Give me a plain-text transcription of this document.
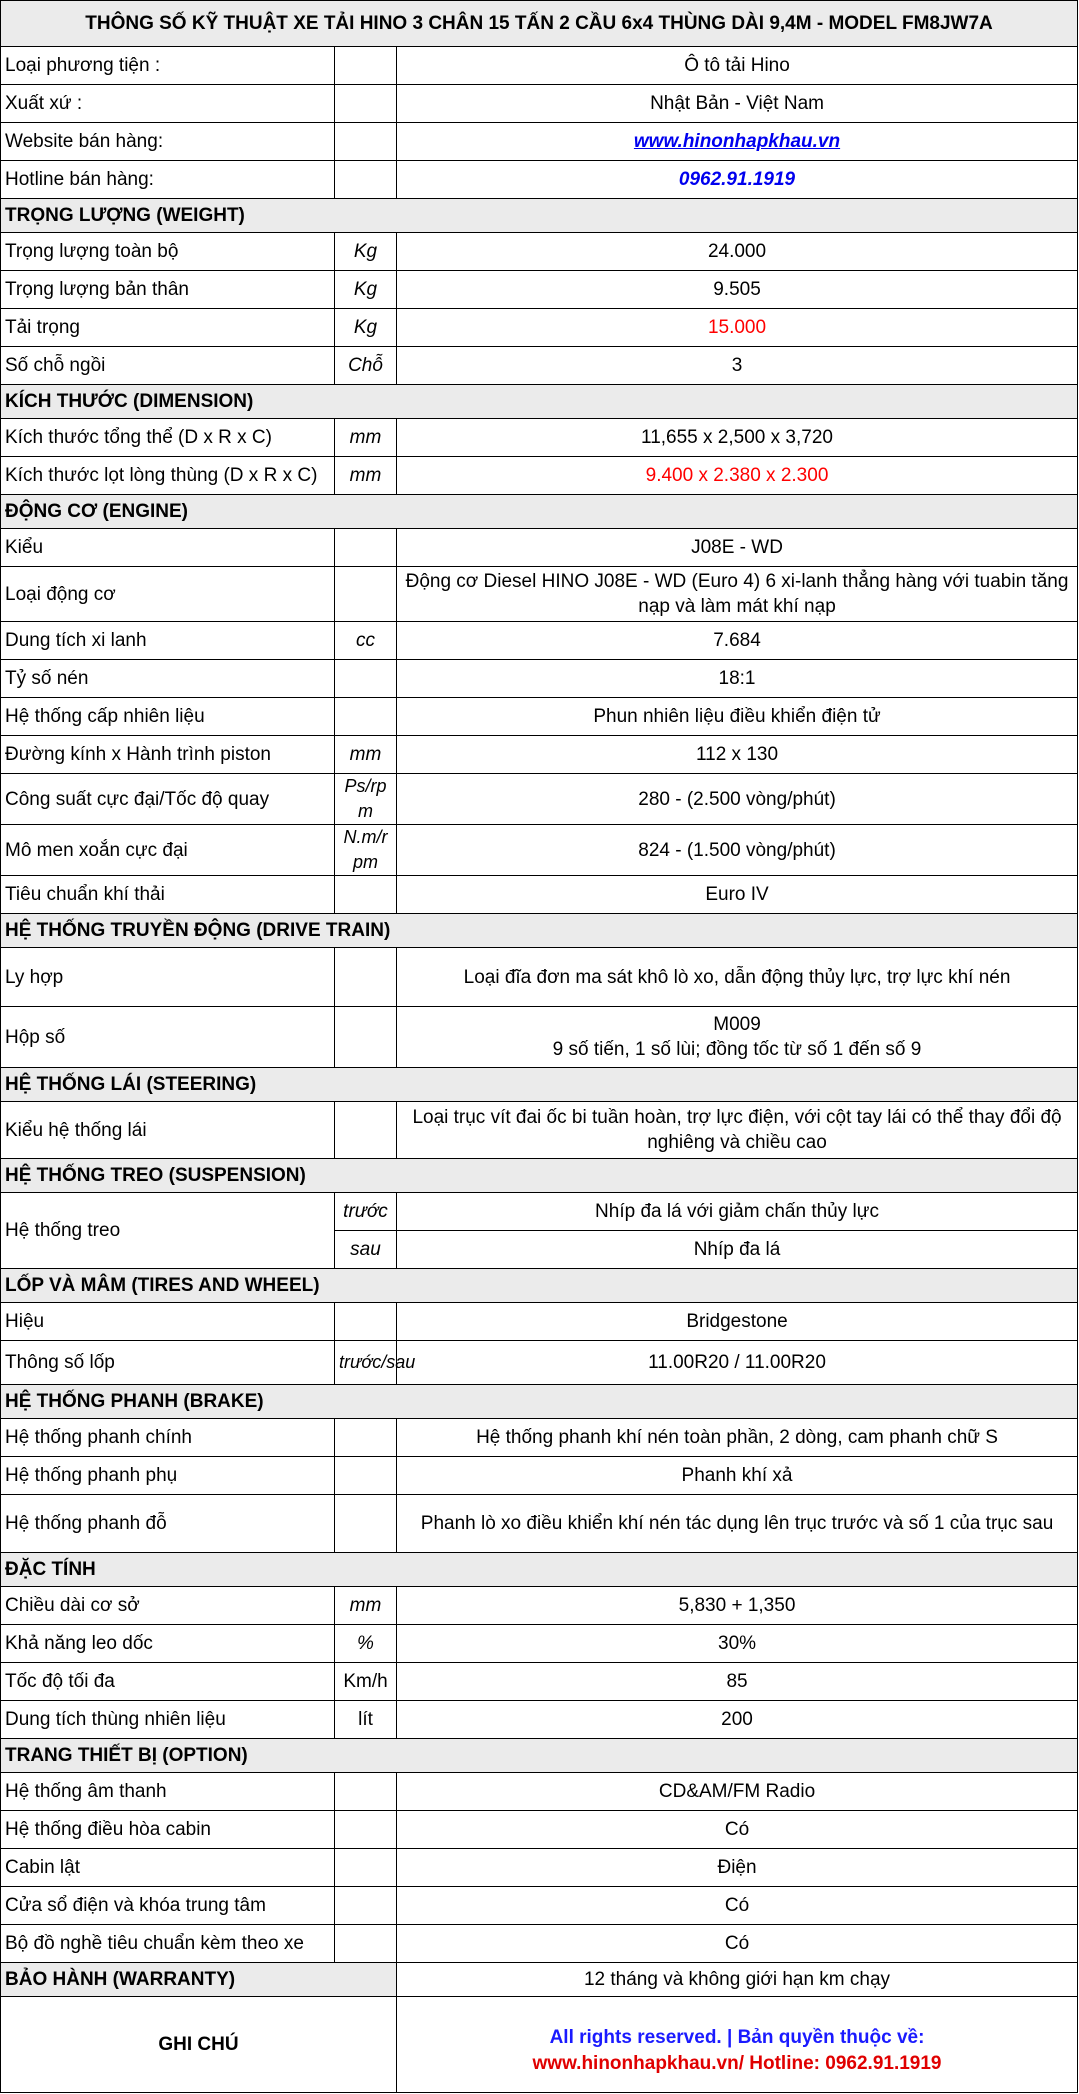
THÔNG SỐ KỸ THUẬT XE TẢI HINO 3 CHÂN 15 TẤN 2 CẦU 6x4 THÙNG DÀI 9,4M - MODEL FM8JW7A		
Loại phương tiện :		Ô tô tải Hino
Xuất xứ :		Nhật Bản - Việt Nam
Website bán hàng:		www.hinonhapkhau.vn
Hotline bán hàng:		0962.91.1919
TRỌNG LƯỢNG (WEIGHT)		
Trọng lượng toàn bộ	Kg	24.000
Trọng lượng bản thân	Kg	9.505
Tải trọng	Kg	15.000
Số chỗ ngồi	Chỗ	3
KÍCH THƯỚC (DIMENSION)		
Kích thước tổng thể (D x R x C)	mm	11,655 x 2,500 x 3,720
Kích thước lọt lòng thùng (D x R x C)	mm	9.400 x 2.380 x 2.300
ĐỘNG CƠ (ENGINE)		
Kiểu		J08E - WD
Loại động cơ		Động cơ Diesel HINO J08E - WD (Euro 4) 6 xi-lanh thẳng hàng với tuabin tăng nạp và làm mát khí nạp
Dung tích xi lanh	cc	7.684
Tỷ số nén		18:1
Hệ thống cấp nhiên liệu		Phun nhiên liệu điều khiển điện tử
Đường kính x Hành trình piston	mm	112 x 130
Công suất cực đại/Tốc độ quay	Ps/rpm	280 - (2.500 vòng/phút)
Mô men xoắn cực đại	N.m/rpm	824 - (1.500 vòng/phút)
Tiêu chuẩn khí thải		Euro IV
HỆ THỐNG TRUYỀN ĐỘNG (DRIVE TRAIN)		
Ly hợp		Loại đĩa đơn ma sát khô lò xo, dẫn động thủy lực, trợ lực khí nén
Hộp số		M009
9 số tiến, 1 số lùi; đồng tốc từ số 1 đến số 9

HỆ THỐNG LÁI (STEERING)		
Kiểu hệ thống lái		Loại trục vít đai ốc bi tuần hoàn, trợ lực điện, với cột tay lái có thể thay đổi độ nghiêng và chiều cao
HỆ THỐNG TREO (SUSPENSION)		
Hệ thống treo	trước	Nhíp đa lá với giảm chấn thủy lực
	sau	Nhíp đa lá
LỐP VÀ MÂM (TIRES AND WHEEL)		
Hiệu		Bridgestone
Thông số lốp	trước/sau	11.00R20 / 11.00R20
HỆ THỐNG PHANH (BRAKE)		
Hệ thống phanh chính		Hệ thống phanh khí nén toàn phần, 2 dòng, cam phanh chữ S
Hệ thống phanh phụ		Phanh khí xả
Hệ thống phanh đỗ		Phanh lò xo điều khiển khí nén tác dụng lên trục trước và số 1 của trục sau
ĐẶC TÍNH		
Chiều dài cơ sở	mm	5,830 + 1,350
Khả năng leo dốc	%	30%
Tốc độ tối đa	Km/h	85
Dung tích thùng nhiên liệu	lít	200
TRANG THIẾT BỊ (OPTION)		
Hệ thống âm thanh		CD&AM/FM Radio
Hệ thống điều hòa cabin		Có
Cabin lật		Điện
Cửa sổ điện và khóa trung tâm		Có
Bộ đồ nghề tiêu chuẩn kèm theo xe		Có
BẢO HÀNH (WARRANTY)		12 tháng và không giới hạn km chạy
GHI CHÚ		All rights reserved. | Bản quyền thuộc về:
www.hinonhapkhau.vn/ Hotline: 0962.91.1919
